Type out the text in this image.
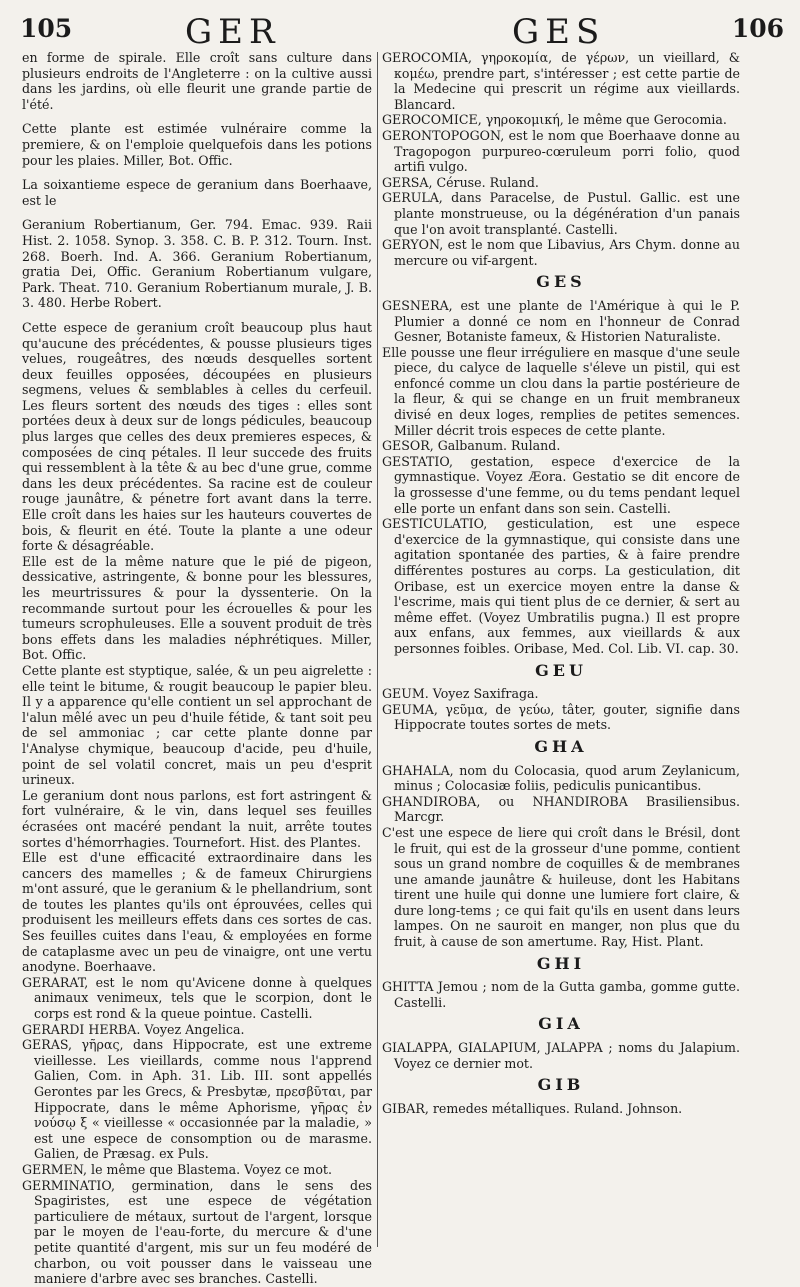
105	GER	GES	106

en forme de spirale. Elle croît sans culture dans plusieurs endroits de l'Angleterre : on la cultive aussi dans les jardins, où elle fleurit une grande partie de l'été.

Cette plante est estimée vulnéraire comme la premiere, & on l'emploie quelquefois dans les potions pour les plaies. Miller, Bot. Offic.

La soixantieme espece de geranium dans Boerhaave, est le

Geranium Robertianum, Ger. 794. Emac. 939. Raii Hist. 2. 1058. Synop. 3. 358. C. B. P. 312. Tourn. Inst. 268. Boerh. Ind. A. 366. Geranium Robertianum, gratia Dei, Offic. Geranium Robertianum vulgare, Park. Theat. 710. Geranium Robertianum murale, J. B. 3. 480. Herbe Robert.

Cette espece de geranium croît beaucoup plus haut qu'aucune des précédentes, & pousse plusieurs tiges velues, rougeâtres, des nœuds desquelles sortent deux feuilles opposées, découpées en plusieurs segmens, velues & semblables à celles du cerfeuil. Les fleurs sortent des nœuds des tiges : elles sont portées deux à deux sur de longs pédicules, beaucoup plus larges que celles des deux premieres especes, & composées de cinq pétales. Il leur succede des fruits qui ressemblent à la tête & au bec d'une grue, comme dans les deux précédentes. Sa racine est de couleur rouge jaunâtre, & pénetre fort avant dans la terre. Elle croît dans les haies sur les hauteurs couvertes de bois, & fleurit en été. Toute la plante a une odeur forte & désagréable.

Elle est de la même nature que le pié de pigeon, dessicative, astringente, & bonne pour les blessures, les meurtrissures & pour la dyssenterie. On la recommande surtout pour les écrouelles & pour les tumeurs scrophuleuses. Elle a souvent produit de très bons effets dans les maladies néphrétiques. Miller, Bot. Offic.

Cette plante est styptique, salée, & un peu aigrelette : elle teint le bitume, & rougit beaucoup le papier bleu. Il y a apparence qu'elle contient un sel approchant de l'alun mêlé avec un peu d'huile fétide, & tant soit peu de sel ammoniac ; car cette plante donne par l'Analyse chymique, beaucoup d'acide, peu d'huile, point de sel volatil concret, mais un peu d'esprit urineux.

Le geranium dont nous parlons, est fort astringent & fort vulnéraire, & le vin, dans lequel ses feuilles écrasées ont macéré pendant la nuit, arrête toutes sortes d'hémorrhagies. Tournefort. Hist. des Plantes.

Elle est d'une efficacité extraordinaire dans les cancers des mamelles ; & de fameux Chirurgiens m'ont assuré, que le geranium & le phellandrium, sont de toutes les plantes qu'ils ont éprouvées, celles qui produisent les meilleurs effets dans ces sortes de cas. Ses feuilles cuites dans l'eau, & employées en forme de cataplasme avec un peu de vinaigre, ont une vertu anodyne. Boerhaave.

GERARAT, est le nom qu'Avicene donne à quelques animaux venimeux, tels que le scorpion, dont le corps est rond & la queue pointue. Castelli.

GERARDI HERBA. Voyez Angelica.

GERAS, γῆρας, dans Hippocrate, est une extreme vieillesse. Les vieillards, comme nous l'apprend Galien, Com. in Aph. 31. Lib. III. sont appellés Gerontes par les Grecs, & Presbytæ, πρεσβῦται, par Hippocrate, dans le même Aphorisme, γῆρας ἐν νούσῳ ξ « vieillesse « occasionnée par la maladie, » est une espece de consomption ou de marasme. Galien, de Præsag. ex Puls.

GERMEN, le même que Blastema. Voyez ce mot.

GERMINATIO, germination, dans le sens des Spagiristes, est une espece de végétation particuliere de métaux, surtout de l'argent, lorsque par le moyen de l'eau-forte, du mercure & d'une petite quantité d'argent, mis sur un feu modéré de charbon, ou voit pousser dans le vaisseau une maniere d'arbre avec ses branches. Castelli.

GEROCOMIA, γηροκομία, de γέρων, un vieillard, & κομέω, prendre part, s'intéresser ; est cette partie de la Medecine qui prescrit un régime aux vieillards. Blancard.

GEROCOMICE, γηροκομική, le même que Gerocomia.

GERONTOPOGON, est le nom que Boerhaave donne au Tragopogon purpureo-cœruleum porri folio, quod artifi vulgo.

GERSA, Céruse. Ruland.

GERULA, dans Paracelse, de Pustul. Gallic. est une plante monstrueuse, ou la dégénération d'un panais que l'on avoit transplanté. Castelli.

GERYON, est le nom que Libavius, Ars Chym. donne au mercure ou vif-argent.

GES

GESNERA, est une plante de l'Amérique à qui le P. Plumier a donné ce nom en l'honneur de Conrad Gesner, Botaniste fameux, & Historien Naturaliste.

Elle pousse une fleur irréguliere en masque d'une seule piece, du calyce de laquelle s'éleve un pistil, qui est enfoncé comme un clou dans la partie postérieure de la fleur, & qui se change en un fruit membraneux divisé en deux loges, remplies de petites semences. Miller décrit trois especes de cette plante.

GESOR, Galbanum. Ruland.

GESTATIO, gestation, espece d'exercice de la gymnastique. Voyez Æora. Gestatio se dit encore de la grossesse d'une femme, ou du tems pendant lequel elle porte un enfant dans son sein. Castelli.

GESTICULATIO, gesticulation, est une espece d'exercice de la gymnastique, qui consiste dans une agitation spontanée des parties, & à faire prendre différentes postures au corps. La gesticulation, dit Oribase, est un exercice moyen entre la danse & l'escrime, mais qui tient plus de ce dernier, & sert au même effet. (Voyez Umbratilis pugna.) Il est propre aux enfans, aux femmes, aux vieillards & aux personnes foibles. Oribase, Med. Col. Lib. VI. cap. 30.

GEU

GEUM. Voyez Saxifraga.

GEUMA, γεῦμα, de γεύω, tâter, gouter, signifie dans Hippocrate toutes sortes de mets.

GHA

GHAHALA, nom du Colocasia, quod arum Zeylanicum, minus ; Colocasiæ foliis, pediculis punicantibus.

GHANDIROBA, ou NHANDIROBA Brasiliensibus. Marcgr.

C'est une espece de liere qui croît dans le Brésil, dont le fruit, qui est de la grosseur d'une pomme, contient sous un grand nombre de coquilles & de membranes une amande jaunâtre & huileuse, dont les Habitans tirent une huile qui donne une lumiere fort claire, & dure long-tems ; ce qui fait qu'ils en usent dans leurs lampes. On ne sauroit en manger, non plus que du fruit, à cause de son amertume. Ray, Hist. Plant.

GHI

GHITTA Jemou ; nom de la Gutta gamba, gomme gutte. Castelli.

GIA

GIALAPPA, GIALAPIUM, JALAPPA ; noms du Jalapium. Voyez ce dernier mot.

GIB

GIBAR, remedes métalliques. Ruland. Johnson.
